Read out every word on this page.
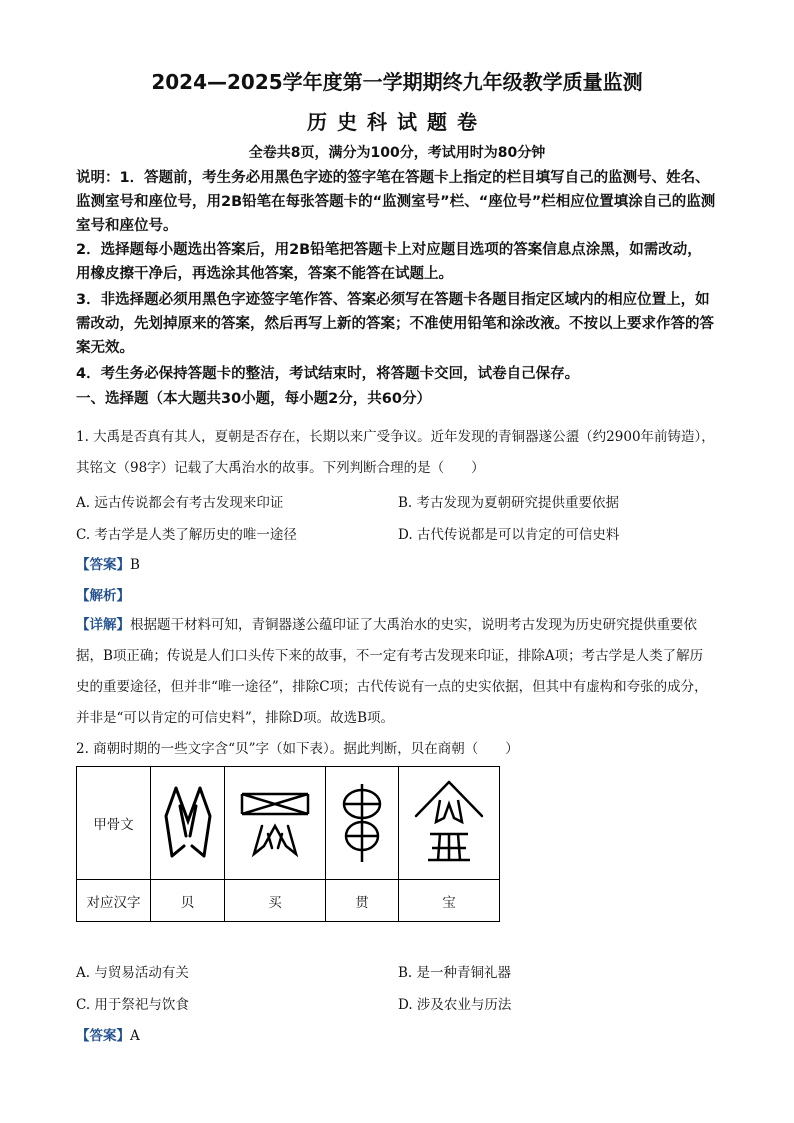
2024—2025学年度第一学期期终九年级教学质量监测
历史科试题卷
全卷共8页，满分为100分，考试用时为80分钟
说明：1．答题前，考生务必用黑色字迹的签字笔在答题卡上指定的栏目填写自己的监测号、姓名、监测室号和座位号，用2B铅笔在每张答题卡的“监测室号”栏、“座位号”栏相应位置填涂自己的监测室号和座位号。
2．选择题每小题选出答案后，用2B铅笔把答题卡上对应题目选项的答案信息点涂黑，如需改动，用橡皮擦干净后，再选涂其他答案，答案不能答在试题上。
3．非选择题必须用黑色字迹签字笔作答、答案必须写在答题卡各题目指定区域内的相应位置上，如需改动，先划掉原来的答案，然后再写上新的答案；不准使用铅笔和涂改液。不按以上要求作答的答案无效。
4．考生务必保持答题卡的整洁，考试结束时，将答题卡交回，试卷自己保存。
一、选择题（本大题共30小题，每小题2分，共60分）
1. 大禹是否真有其人，夏朝是否存在，长期以来广受争议。近年发现的青铜器遂公盨（约2900年前铸造），其铭文（98字）记载了大禹治水的故事。下列判断合理的是（　　）
A. 远古传说都会有考古发现来印证	B. 考古发现为夏朝研究提供重要依据
C. 考古学是人类了解历史的唯一途径	D. 古代传说都是可以肯定的可信史料
【答案】B
【解析】
【详解】根据题干材料可知，青铜器遂公蕴印证了大禹治水的史实，说明考古发现为历史研究提供重要依据，B项正确；传说是人们口头传下来的故事，不一定有考古发现来印证，排除A项；考古学是人类了解历史的重要途径，但并非“唯一途径”，排除C项；古代传说有一点的史实依据，但其中有虚构和夸张的成分，并非是“可以肯定的可信史料”，排除D项。故选B项。
2. 商朝时期的一些文字含“贝”字（如下表）。据此判断，贝在商朝（　　）
甲骨文				
对应汉字	贝	买	贯	宝
A. 与贸易活动有关	B. 是一种青铜礼器
C. 用于祭祀与饮食	D. 涉及农业与历法
【答案】A
